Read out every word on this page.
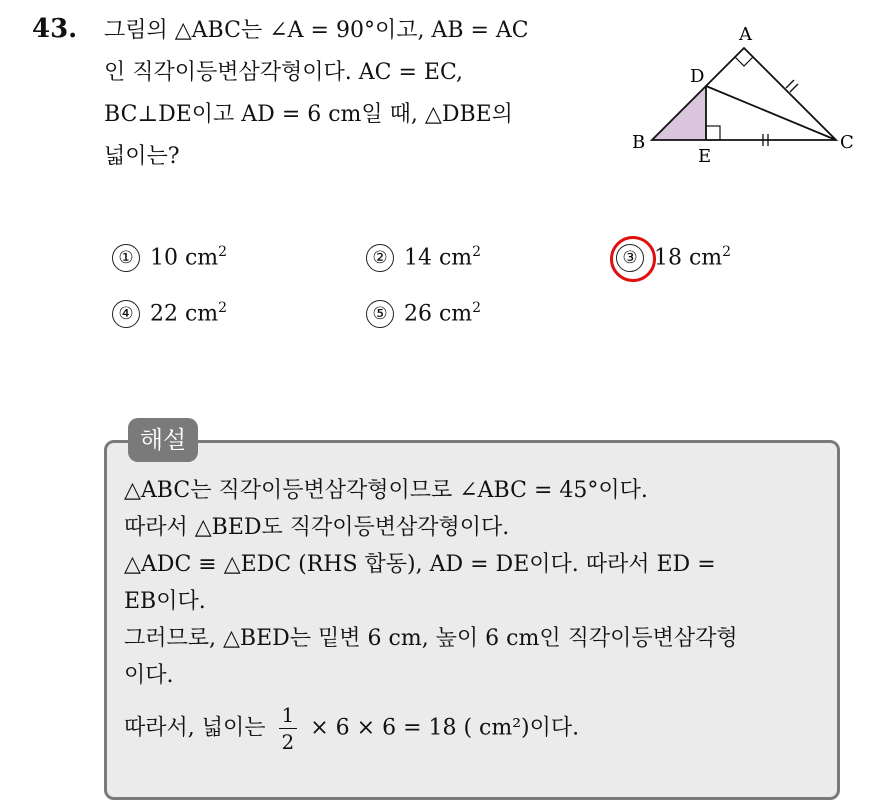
43. 그림의 △ABC는 ∠A = 90°이고, AB = AC
인 직각이등변삼각형이다. AC = EC,
BC⊥DE이고 AD = 6 cm일 때, △DBE의
넓이는?
A
D
B
E
C
① 10 $cm^2$	② 14 $cm^2$	③ 18 $cm^2$
④ 22 $cm^2$	⑤ 26 $cm^2$
해설
△ABC는 직각이등변삼각형이므로 ∠ABC = 45°이다.
따라서 △BED도 직각이등변삼각형이다.
△ADC ≡ △EDC (RHS 합동), AD = DE이다. 따라서 ED =
EB이다.
그러므로, △BED는 밑변 6 cm, 높이 6 cm인 직각이등변삼각형
이다.
따라서, 넓이는 $\frac{1}{2} \times 6 \times 6 = 18$ ( cm²)이다.
